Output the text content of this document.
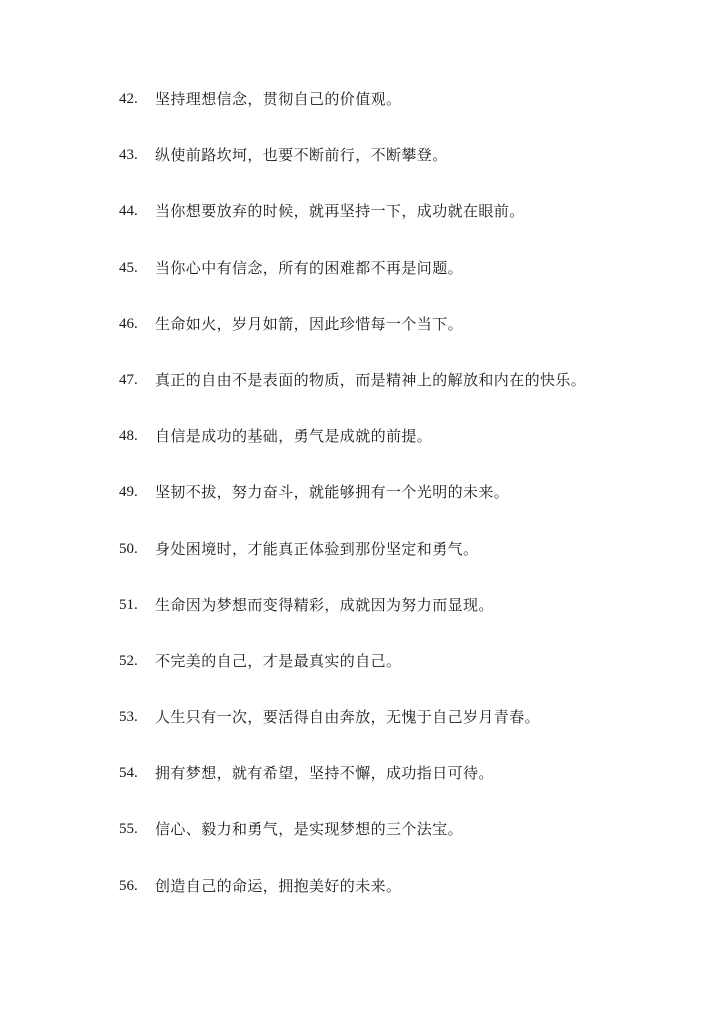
42.	坚持理想信念，贯彻自己的价值观。
43.	纵使前路坎坷，也要不断前行，不断攀登。
44.	当你想要放弃的时候，就再坚持一下，成功就在眼前。
45.	当你心中有信念，所有的困难都不再是问题。
46.	生命如火，岁月如箭，因此珍惜每一个当下。
47.	真正的自由不是表面的物质，而是精神上的解放和内在的快乐。
48.	自信是成功的基础，勇气是成就的前提。
49.	坚韧不拔，努力奋斗，就能够拥有一个光明的未来。
50.	身处困境时，才能真正体验到那份坚定和勇气。
51.	生命因为梦想而变得精彩，成就因为努力而显现。
52.	不完美的自己，才是最真实的自己。
53.	人生只有一次，要活得自由奔放，无愧于自己岁月青春。
54.	拥有梦想，就有希望，坚持不懈，成功指日可待。
55.	信心、毅力和勇气，是实现梦想的三个法宝。
56.	创造自己的命运，拥抱美好的未来。
